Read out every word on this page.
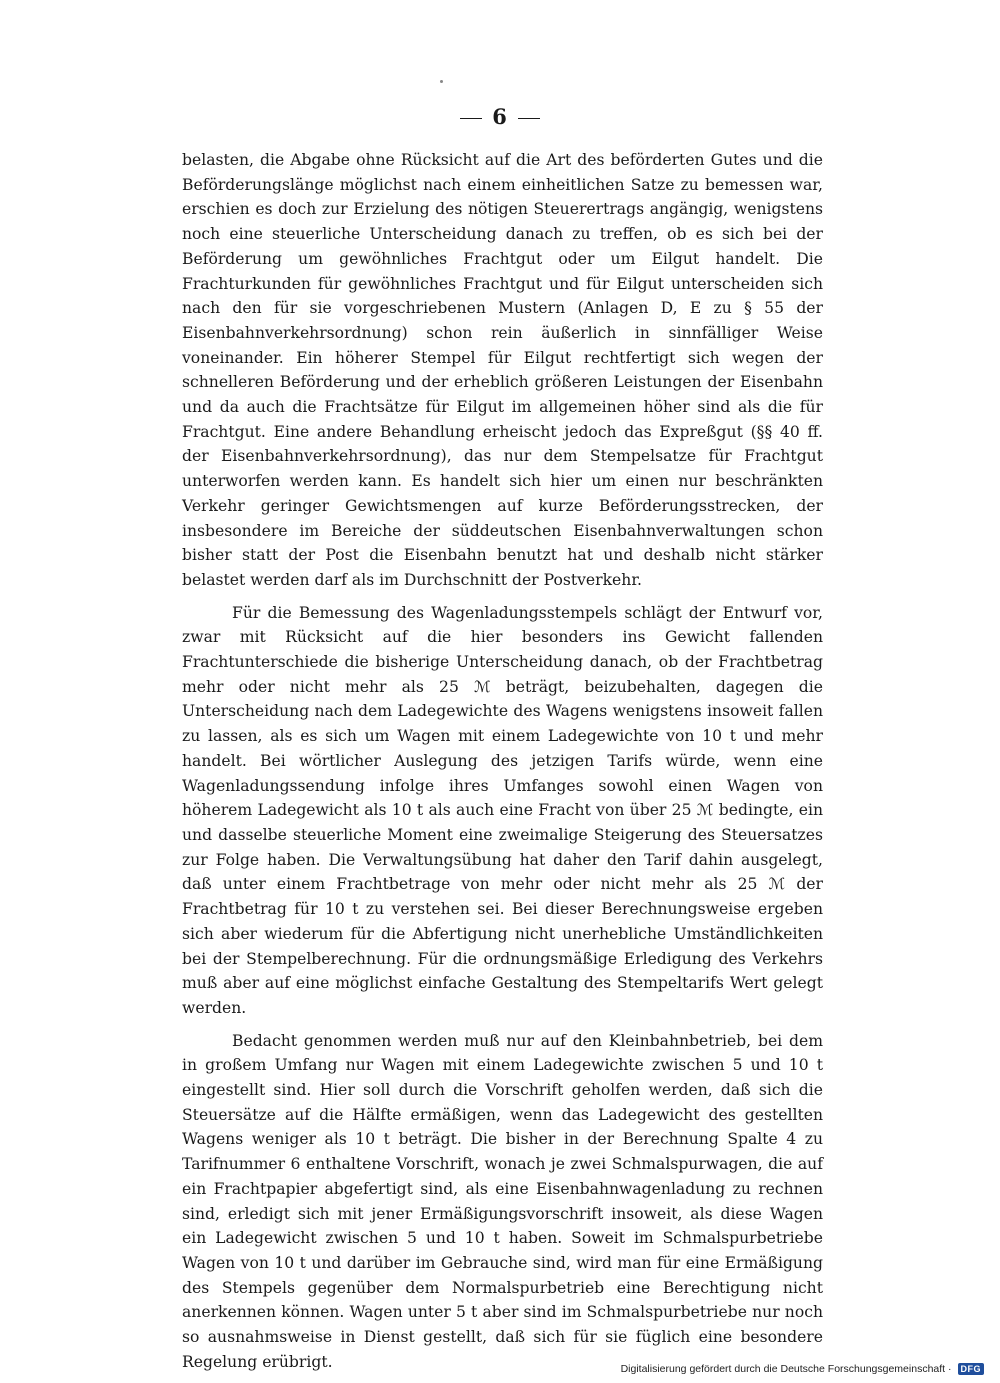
6

belasten, die Abgabe ohne Rücksicht auf die Art des beförderten Gutes und die Beförderungslänge möglichst nach einem einheitlichen Satze zu bemessen war, erschien es doch zur Erzielung des nötigen Steuerertrags angängig, wenigstens noch eine steuerliche Unterscheidung danach zu treffen, ob es sich bei der Beförderung um gewöhnliches Frachtgut oder um Eilgut handelt. Die Frachturkunden für gewöhnliches Frachtgut und für Eilgut unterscheiden sich nach den für sie vorgeschriebenen Mustern (Anlagen D, E zu § 55 der Eisenbahnverkehrsordnung) schon rein äußerlich in sinnfälliger Weise voneinander. Ein höherer Stempel für Eilgut rechtfertigt sich wegen der schnelleren Beförderung und der erheblich größeren Leistungen der Eisenbahn und da auch die Frachtsätze für Eilgut im allgemeinen höher sind als die für Frachtgut. Eine andere Behandlung erheischt jedoch das Expreßgut (§§ 40 ff. der Eisenbahnverkehrsordnung), das nur dem Stempelsatze für Frachtgut unterworfen werden kann. Es handelt sich hier um einen nur beschränkten Verkehr geringer Gewichtsmengen auf kurze Beförderungsstrecken, der insbesondere im Bereiche der süddeutschen Eisenbahnverwaltungen schon bisher statt der Post die Eisenbahn benutzt hat und deshalb nicht stärker belastet werden darf als im Durchschnitt der Postverkehr.

Für die Bemessung des Wagenladungsstempels schlägt der Entwurf vor, zwar mit Rücksicht auf die hier besonders ins Gewicht fallenden Frachtunterschiede die bisherige Unterscheidung danach, ob der Frachtbetrag mehr oder nicht mehr als 25 ℳ beträgt, beizubehalten, dagegen die Unterscheidung nach dem Ladegewichte des Wagens wenigstens insoweit fallen zu lassen, als es sich um Wagen mit einem Ladegewichte von 10 t und mehr handelt. Bei wörtlicher Auslegung des jetzigen Tarifs würde, wenn eine Wagenladungssendung infolge ihres Umfanges sowohl einen Wagen von höherem Ladegewicht als 10 t als auch eine Fracht von über 25 ℳ bedingte, ein und dasselbe steuerliche Moment eine zweimalige Steigerung des Steuersatzes zur Folge haben. Die Verwaltungsübung hat daher den Tarif dahin ausgelegt, daß unter einem Frachtbetrage von mehr oder nicht mehr als 25 ℳ der Frachtbetrag für 10 t zu verstehen sei. Bei dieser Berechnungsweise ergeben sich aber wiederum für die Abfertigung nicht unerhebliche Umständlichkeiten bei der Stempelberechnung. Für die ordnungsmäßige Erledigung des Verkehrs muß aber auf eine möglichst einfache Gestaltung des Stempeltarifs Wert gelegt werden.

Bedacht genommen werden muß nur auf den Kleinbahnbetrieb, bei dem in großem Umfang nur Wagen mit einem Ladegewichte zwischen 5 und 10 t eingestellt sind. Hier soll durch die Vorschrift geholfen werden, daß sich die Steuersätze auf die Hälfte ermäßigen, wenn das Ladegewicht des gestellten Wagens weniger als 10 t beträgt. Die bisher in der Berechnung Spalte 4 zu Tarifnummer 6 enthaltene Vorschrift, wonach je zwei Schmalspurwagen, die auf ein Frachtpapier abgefertigt sind, als eine Eisenbahnwagenladung zu rechnen sind, erledigt sich mit jener Ermäßigungsvorschrift insoweit, als diese Wagen ein Ladegewicht zwischen 5 und 10 t haben. Soweit im Schmalspurbetriebe Wagen von 10 t und darüber im Gebrauche sind, wird man für eine Ermäßigung des Stempels gegenüber dem Normalspurbetrieb eine Berechtigung nicht anerkennen können. Wagen unter 5 t aber sind im Schmalspurbetriebe nur noch so ausnahmsweise in Dienst gestellt, daß sich für sie füglich eine besondere Regelung erübrigt.	Digitalisierung gefördert durch die Deutsche Forschungsgemeinschaft ·	DFG
